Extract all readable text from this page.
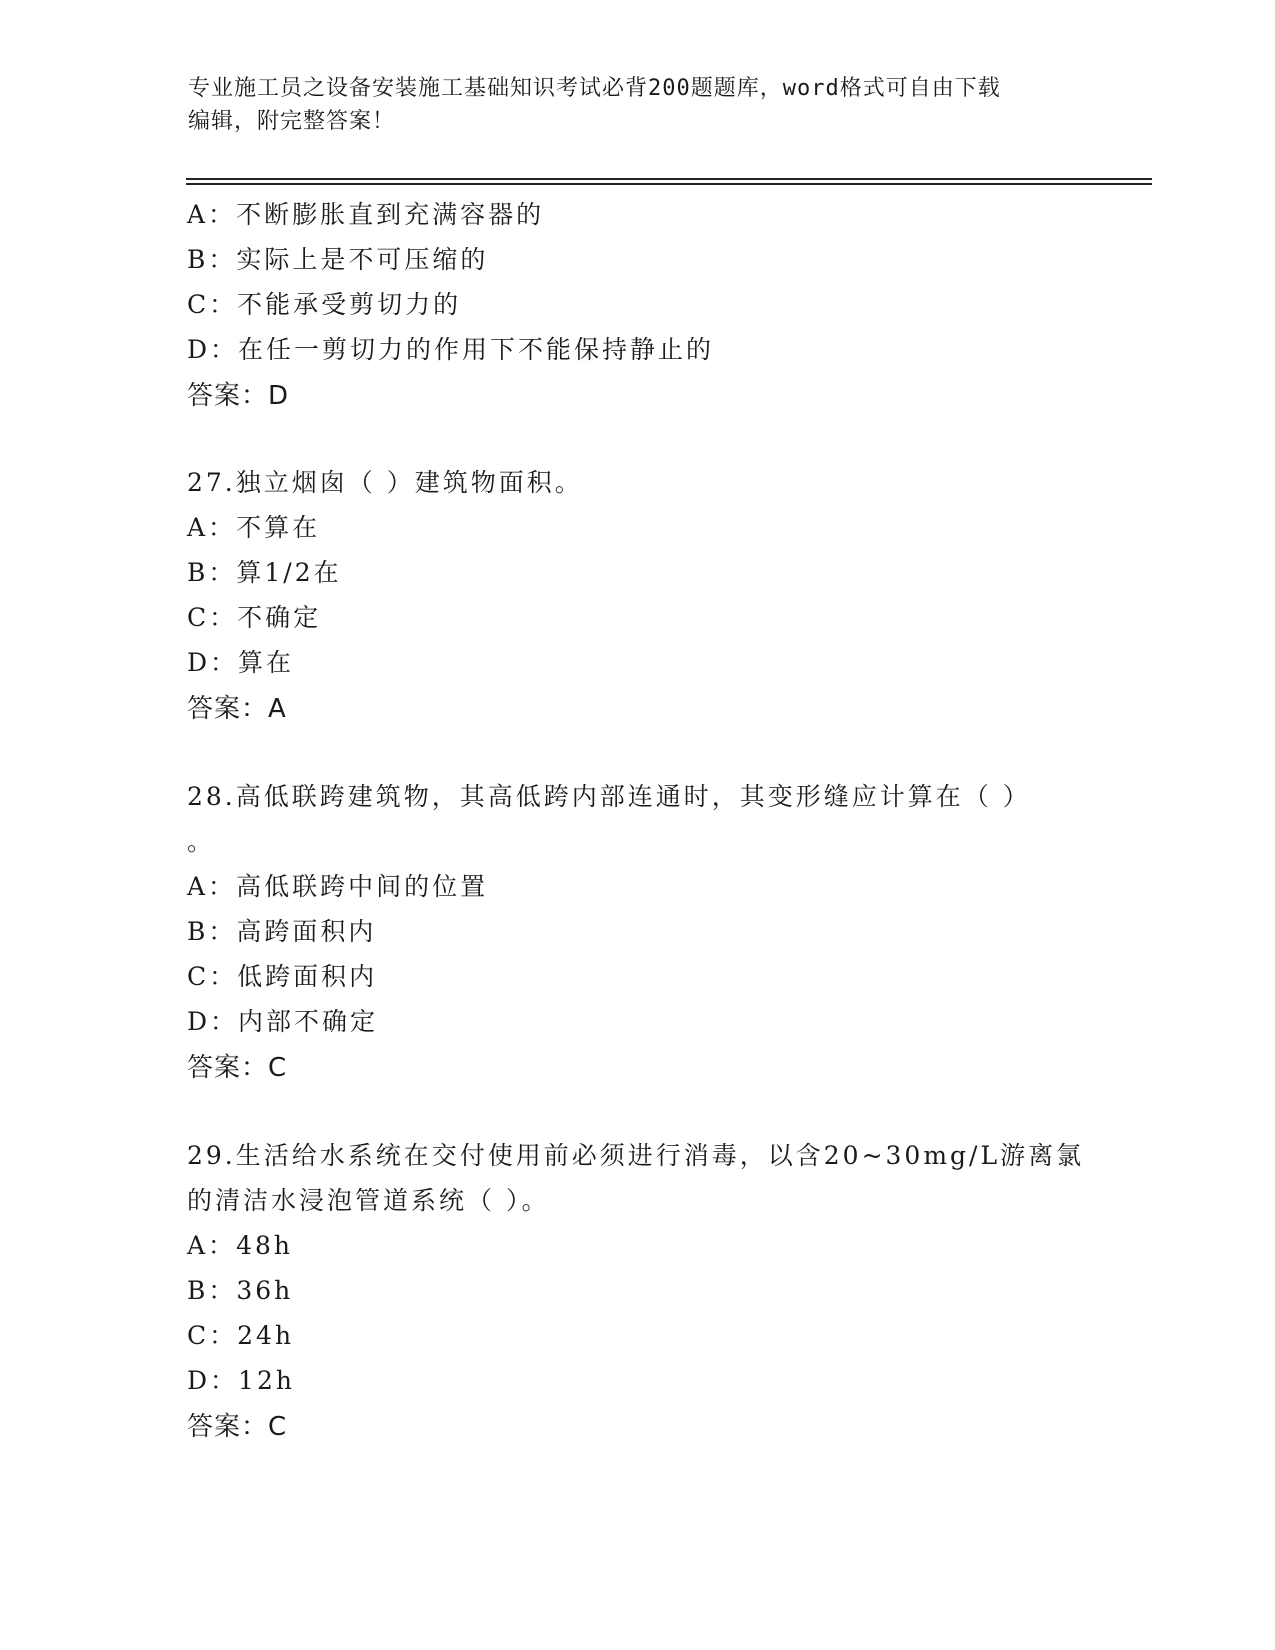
专业施工员之设备安装施工基础知识考试必背200题题库，word格式可自由下载
编辑，附完整答案！
A：不断膨胀直到充满容器的
B：实际上是不可压缩的
C：不能承受剪切力的
D：在任一剪切力的作用下不能保持静止的
答案：D
27.独立烟囱（ ）建筑物面积。
A：不算在
B：算1/2在
C：不确定
D：算在
答案：A
28.高低联跨建筑物，其高低跨内部连通时，其变形缝应计算在（ ）
。
A：高低联跨中间的位置
B：高跨面积内
C：低跨面积内
D：内部不确定
答案：C
29.生活给水系统在交付使用前必须进行消毒，以含20~30mg/L游离氯
的清洁水浸泡管道系统（ ）。
A：48h
B：36h
C：24h
D：12h
答案：C
